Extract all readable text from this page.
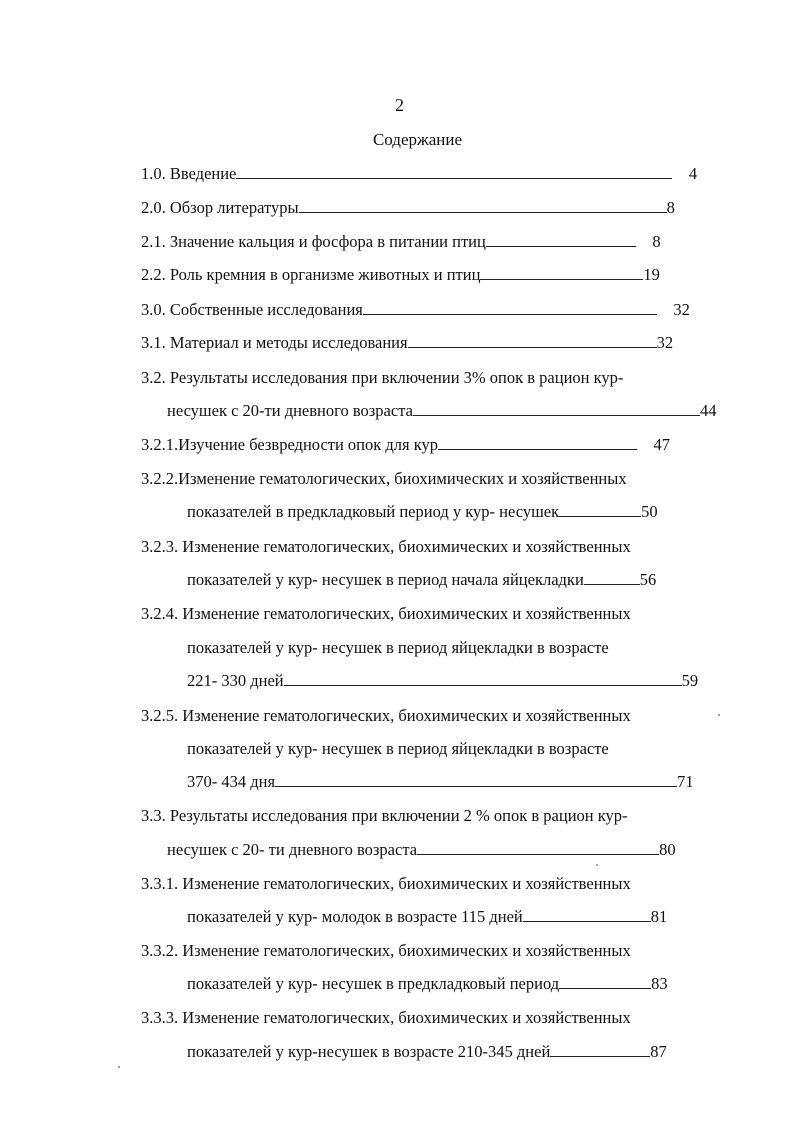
2
Содержание
1.0. Введение	4
2.0. Обзор литературы	8
2.1. Значение кальция и фосфора в питании птиц	8
2.2. Роль кремния в организме животных и птиц	19
3.0. Собственные исследования	32
3.1. Материал и методы исследования	32
3.2. Результаты исследования при включении 3% опок в рацион кур-
несушек с 20-ти дневного возраста	44
3.2.1.Изучение безвредности опок для кур	47
3.2.2.Изменение гематологических, биохимических и хозяйственных
показателей в предкладковый период у кур- несушек	50
3.2.3. Изменение гематологических, биохимических и хозяйственных
показателей у кур- несушек в период начала яйцекладки	56
3.2.4. Изменение гематологических, биохимических и хозяйственных
показателей у кур- несушек в период яйцекладки в возрасте
221- 330 дней	59
3.2.5. Изменение гематологических, биохимических и хозяйственных
показателей у кур- несушек в период яйцекладки в возрасте
370- 434 дня	71
3.3. Результаты исследования при включении 2 % опок в рацион кур-
несушек с 20- ти дневного возраста	80
3.3.1. Изменение гематологических, биохимических и хозяйственных
показателей у кур- молодок в возрасте 115 дней	81
3.3.2. Изменение гематологических, биохимических и хозяйственных
показателей у кур- несушек в предкладковый период	83
3.3.3. Изменение гематологических, биохимических и хозяйственных
показателей у кур-несушек в возрасте 210-345 дней	87
